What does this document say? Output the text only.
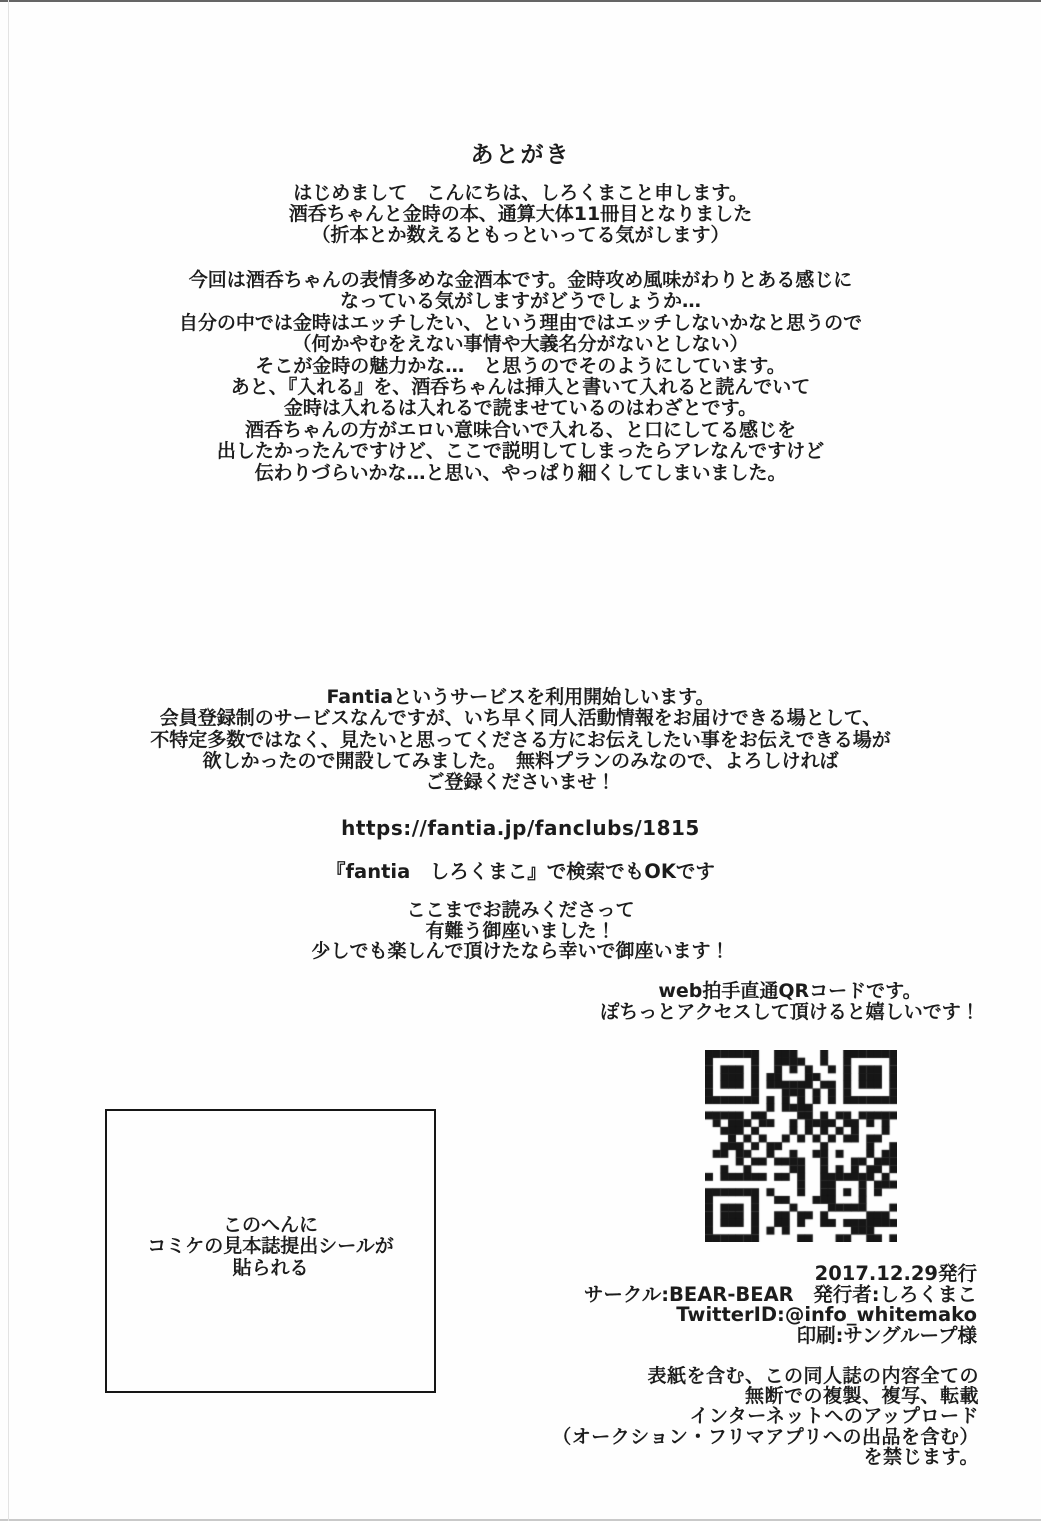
あとがき
はじめまして　こんにちは、しろくまこと申します。
酒呑ちゃんと金時の本、通算大体11冊目となりました
（折本とか数えるともっといってる気がします）
今回は酒呑ちゃんの表情多めな金酒本です。金時攻め風味がわりとある感じに
なっている気がしますがどうでしょうか…
自分の中では金時はエッチしたい、という理由ではエッチしないかなと思うので
（何かやむをえない事情や大義名分がないとしない）
そこが金時の魅力かな…　と思うのでそのようにしています。
あと、『入れる』を、酒呑ちゃんは挿入と書いて入れると読んでいて
金時は入れるは入れるで読ませているのはわざとです。
酒呑ちゃんの方がエロい意味合いで入れる、と口にしてる感じを
出したかったんですけど、ここで説明してしまったらアレなんですけど
伝わりづらいかな…と思い、やっぱり細くしてしまいました。
Fantiaというサービスを利用開始しいます。
会員登録制のサービスなんですが、いち早く同人活動情報をお届けできる場として、
不特定多数ではなく、見たいと思ってくださる方にお伝えしたい事をお伝えできる場が
欲しかったので開設してみました。　無料プランのみなので、よろしければ
ご登録くださいませ！
https://fantia.jp/fanclubs/1815
『fantia　しろくまこ』で検索でもOKです
ここまでお読みくださって
有難う御座いました！
少しでも楽しんで頂けたなら幸いで御座います！
web拍手直通QRコードです。
ぽちっとアクセスして頂けると嬉しいです！
このへんに
コミケの見本誌提出シールが
貼られる	2017.12.29発行
サークル:BEAR-BEAR　発行者:しろくまこ
TwitterID:@info_whitemako
印刷:サングループ様
表紙を含む、この同人誌の内容全ての
無断での複製、複写、転載
インターネットへのアップロード
（オークション・フリマアプリへの出品を含む）
を禁じます。
